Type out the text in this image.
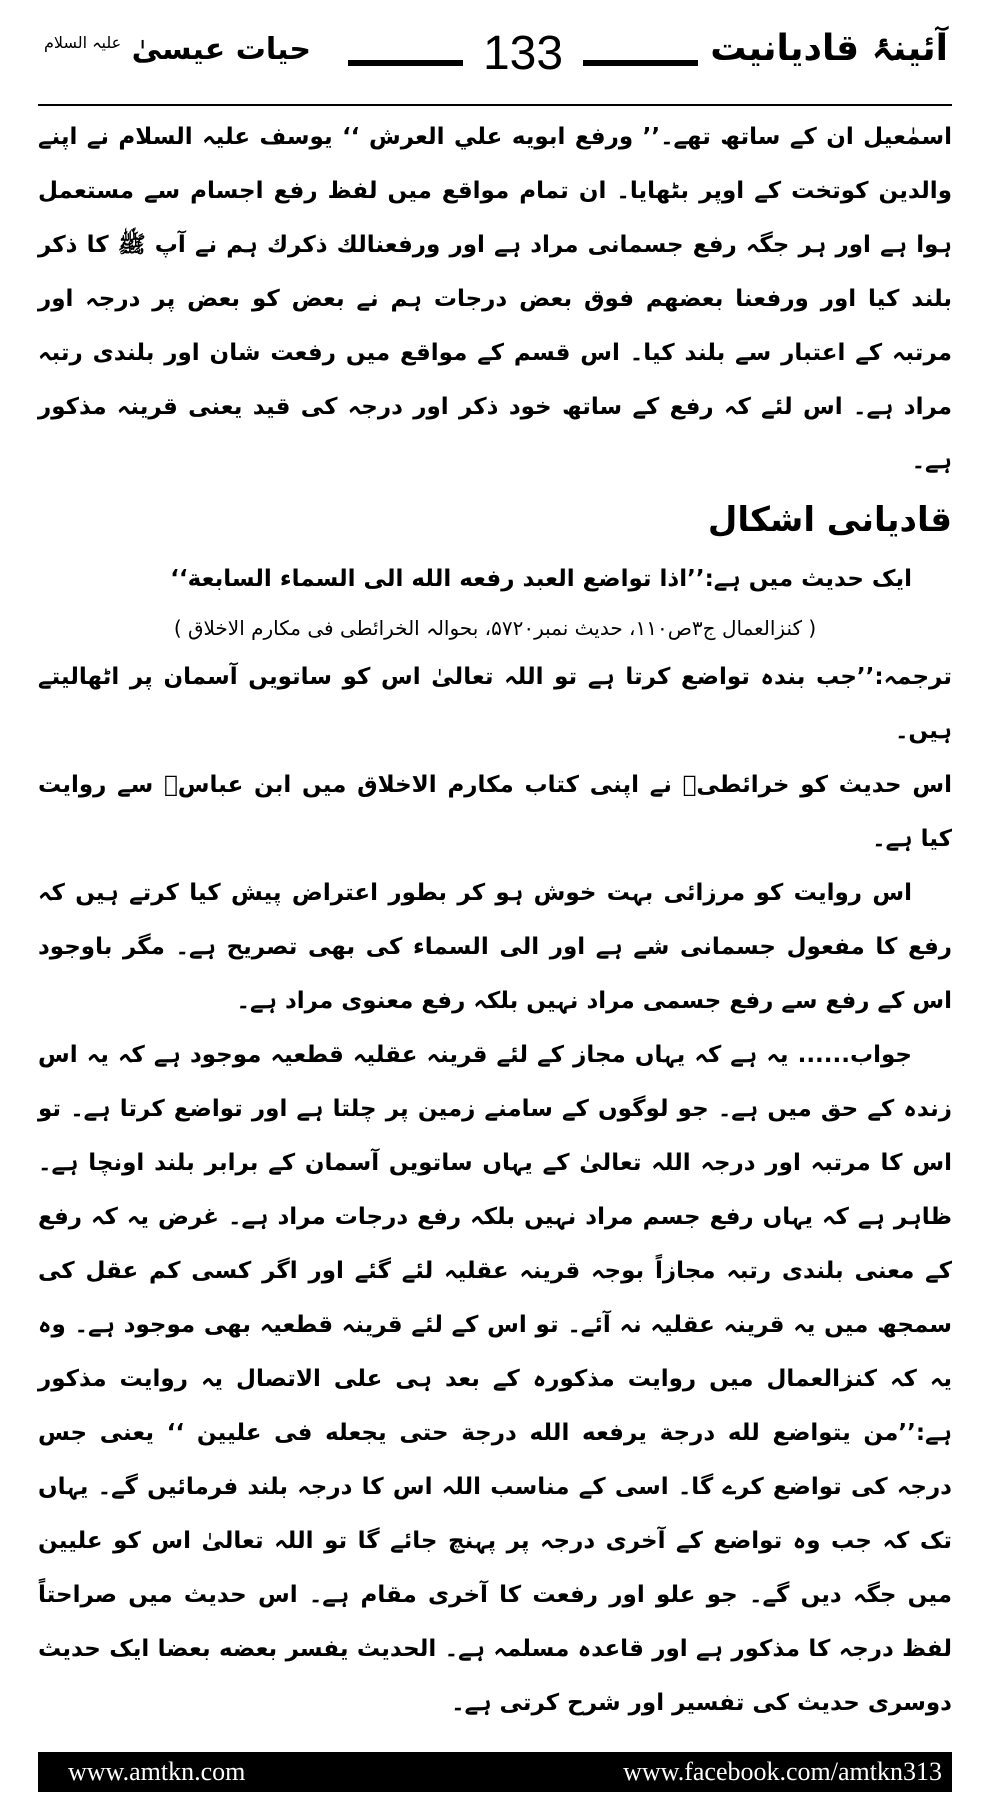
آئینۂ قادیانیت
133
حیات عیسیٰ $^{علیہ السلام}$

اسمٰعیل ان کے ساتھ تھے۔’’ ورفع ابويه علي العرش ‘‘ یوسف علیہ السلام نے اپنے والدین کوتخت کے اوپر بٹھایا۔ ان تمام مواقع میں لفظ رفع اجسام سے مستعمل ہوا ہے اور ہر جگہ رفع جسمانی مراد ہے اور ورفعنالك ذكرك ہم نے آپ ﷺ کا ذکر بلند کیا اور ورفعنا بعضهم فوق بعض درجات ہم نے بعض کو بعض پر درجہ اور مرتبہ کے اعتبار سے بلند کیا۔ اس قسم کے مواقع میں رفعت شان اور بلندی رتبہ مراد ہے۔ اس لئے کہ رفع کے ساتھ خود ذکر اور درجہ کی قید یعنی قرینہ مذکور ہے۔

قادیانی اشکال

ایک حدیث میں ہے:’’اذا تواضع العبد رفعه الله الى السماء السابعة‘‘

( کنزالعمال ج۳ص۱۱۰، حدیث نمبر۵۷۲۰، بحوالہ الخرائطی فی مکارم الاخلاق )

ترجمہ:’’جب بندہ تواضع کرتا ہے تو اللہ تعالیٰ اس کو ساتویں آسمان پر اٹھالیتے ہیں۔

اس حدیث کو خرائطیؒ نے اپنی کتاب مکارم الاخلاق میں ابن عباسؓ سے روایت کیا ہے۔

اس روایت کو مرزائی بہت خوش ہو کر بطور اعتراض پیش کیا کرتے ہیں کہ رفع کا مفعول جسمانی شے ہے اور الى السماء کی بھی تصریح ہے۔ مگر باوجود اس کے رفع سے رفع جسمی مراد نہیں بلکہ رفع معنوی مراد ہے۔

جواب...... یہ ہے کہ یہاں مجاز کے لئے قرینہ عقلیہ قطعیہ موجود ہے کہ یہ اس زندہ کے حق میں ہے۔ جو لوگوں کے سامنے زمین پر چلتا ہے اور تواضع کرتا ہے۔ تو اس کا مرتبہ اور درجہ اللہ تعالیٰ کے یہاں ساتویں آسمان کے برابر بلند اونچا ہے۔ ظاہر ہے کہ یہاں رفع جسم مراد نہیں بلکہ رفع درجات مراد ہے۔ غرض یہ کہ رفع کے معنی بلندی رتبہ مجازاً بوجہ قرینہ عقلیہ لئے گئے اور اگر کسی کم عقل کی سمجھ میں یہ قرینہ عقلیہ نہ آئے۔ تو اس کے لئے قرینہ قطعیہ بھی موجود ہے۔ وہ یہ کہ کنزالعمال میں روایت مذکورہ کے بعد ہی علی الاتصال یہ روایت مذکور ہے:’’من يتواضع لله درجة يرفعه الله درجة حتى يجعله فى عليين ‘‘ یعنی جس درجہ کی تواضع کرے گا۔ اسی کے مناسب اللہ اس کا درجہ بلند فرمائیں گے۔ یہاں تک کہ جب وہ تواضع کے آخری درجہ پر پہنچ جائے گا تو اللہ تعالیٰ اس کو علیین میں جگہ دیں گے۔ جو علو اور رفعت کا آخری مقام ہے۔ اس حدیث میں صراحتاً لفظ درجہ کا مذکور ہے اور قاعدہ مسلمہ ہے۔ الحديث يفسر بعضه بعضا ایک حدیث دوسری حدیث کی تفسیر اور شرح کرتی ہے۔

www.amtkn.com	www.facebook.com/amtkn313
